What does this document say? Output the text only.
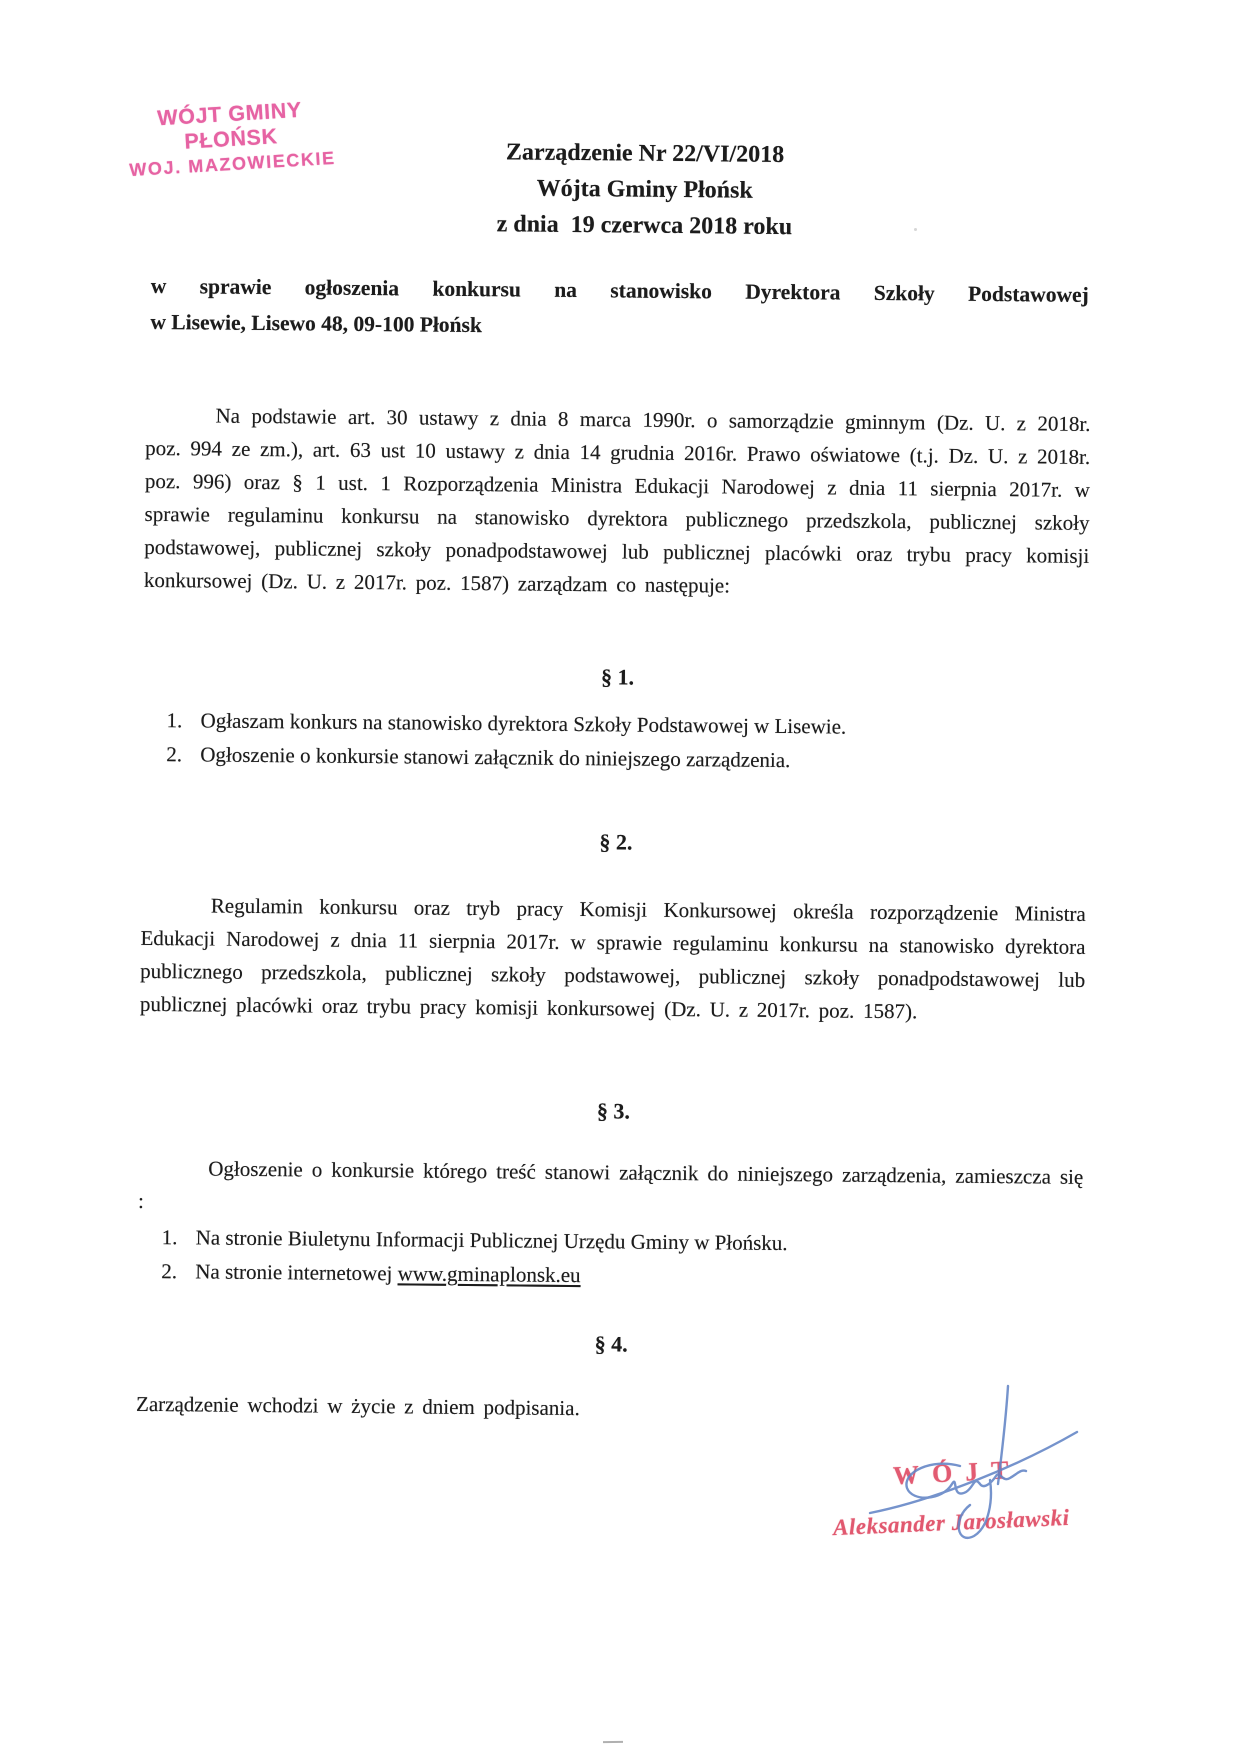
WÓJT GMINY PŁOŃSK
WOJ. MAZOWIECKIE	Zarządzenie Nr 22/VI/2018
Wójta Gminy Płońsk
z dnia  19 czerwca 2018 roku
w sprawie ogłoszenia konkursu na stanowisko Dyrektora Szkoły Podstawowej
w Lisewie, Lisewo 48, 09-100 Płońsk

Na podstawie art. 30 ustawy z dnia 8 marca 1990r. o samorządzie gminnym (Dz. U. z 2018r. poz. 994 ze zm.), art. 63 ust 10 ustawy z dnia 14 grudnia 2016r. Prawo oświatowe (t.j. Dz. U. z 2018r. poz. 996) oraz § 1 ust. 1 Rozporządzenia Ministra Edukacji Narodowej z dnia 11 sierpnia 2017r. w sprawie regulaminu konkursu na stanowisko dyrektora publicznego przedszkola, publicznej szkoły podstawowej, publicznej szkoły ponadpodstawowej lub publicznej placówki oraz trybu pracy komisji konkursowej (Dz. U. z 2017r. poz. 1587) zarządzam co następuje:

§ 1.
1. Ogłaszam konkurs na stanowisko dyrektora Szkoły Podstawowej w Lisewie.
2. Ogłoszenie o konkursie stanowi załącznik do niniejszego zarządzenia.
§ 2.

Regulamin konkursu oraz tryb pracy Komisji Konkursowej określa rozporządzenie Ministra Edukacji Narodowej z dnia 11 sierpnia 2017r. w sprawie regulaminu konkursu na stanowisko dyrektora publicznego przedszkola, publicznej szkoły podstawowej, publicznej szkoły ponadpodstawowej lub publicznej placówki oraz trybu pracy komisji konkursowej (Dz. U. z 2017r. poz. 1587).

§ 3.

Ogłoszenie o konkursie którego treść stanowi załącznik do niniejszego zarządzenia, zamieszcza się :

1. Na stronie Biuletynu Informacji Publicznej Urzędu Gminy w Płońsku.
2. Na stronie internetowej www.gminaplonsk.eu
§ 4.

Zarządzenie wchodzi w życie z dniem podpisania.

WÓJT
Aleksander Jarosławski
